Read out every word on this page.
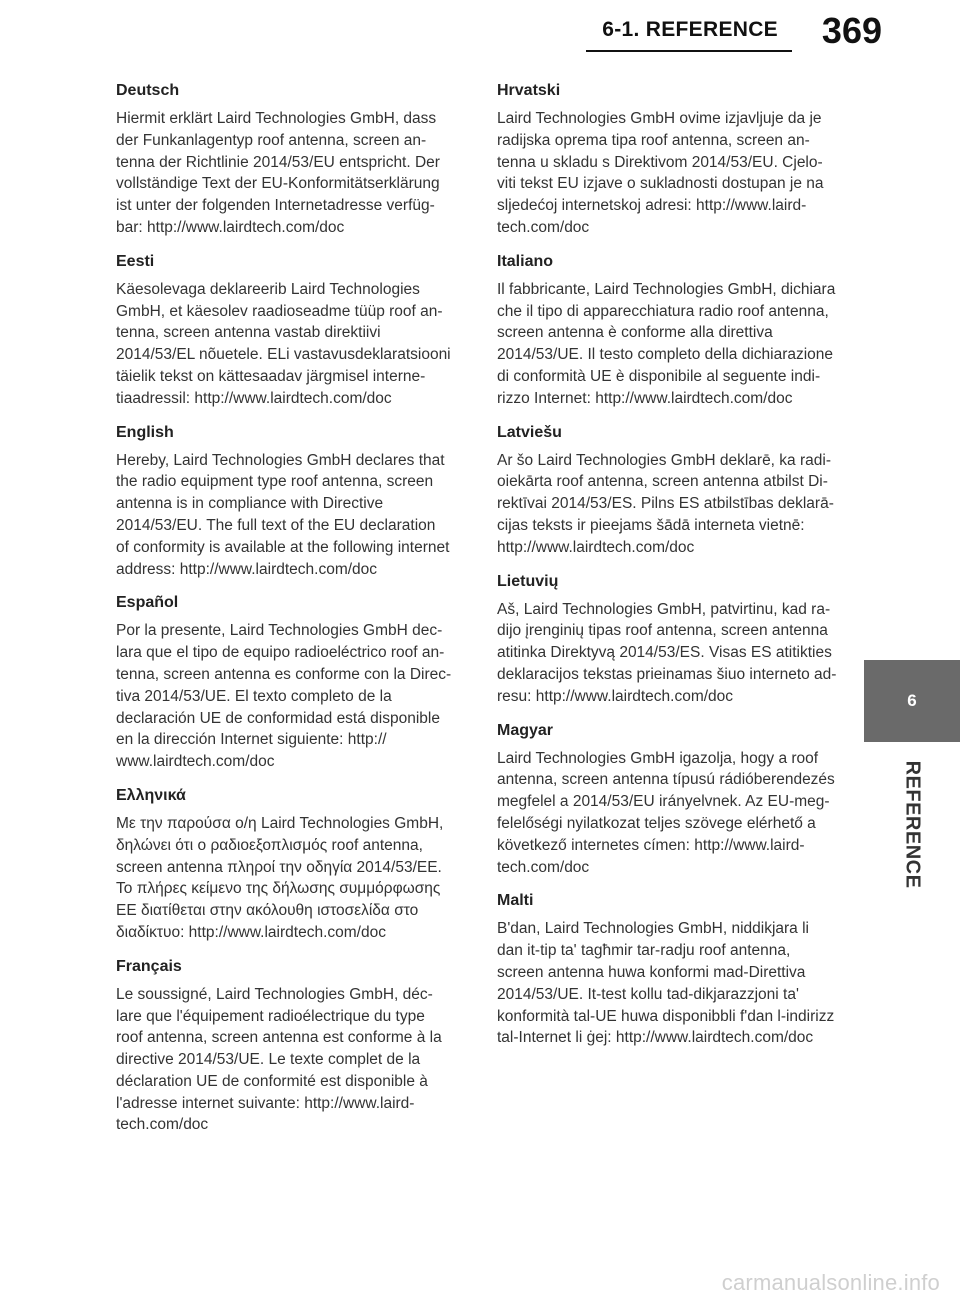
6-1. REFERENCE 369
Deutsch

Hiermit erklärt Laird Technologies GmbH, dass
der Funkanlagentyp roof antenna, screen an-
tenna der Richtlinie 2014/53/EU entspricht. Der
vollständige Text der EU-Konformitätserklärung
ist unter der folgenden Internetadresse verfüg-
bar: http://www.lairdtech.com/doc

Eesti

Käesolevaga deklareerib Laird Technologies
GmbH, et käesolev raadioseadme tüüp roof an-
tenna, screen antenna vastab direktiivi
2014/53/EL nõuetele. ELi vastavusdeklaratsiooni
täielik tekst on kättesaadav järgmisel interne-
tiaadressil: http://www.lairdtech.com/doc

English

Hereby, Laird Technologies GmbH declares that
the radio equipment type roof antenna, screen
antenna is in compliance with Directive
2014/53/EU. The full text of the EU declaration
of conformity is available at the following internet
address: http://www.lairdtech.com/doc

Español

Por la presente, Laird Technologies GmbH dec-
lara que el tipo de equipo radioeléctrico roof an-
tenna, screen antenna es conforme con la Direc-
tiva 2014/53/UE. El texto completo de la
declaración UE de conformidad está disponible
en la dirección Internet siguiente: http://
www.lairdtech.com/doc

Ελληνικά

Με την παρούσα ο/η Laird Technologies GmbH,
δηλώνει ότι ο ραδιοεξοπλισμός roof antenna,
screen antenna πληροί την οδηγία 2014/53/ΕΕ.
Το πλήρες κείμενο της δήλωσης συμμόρφωσης
ΕΕ διατίθεται στην ακόλουθη ιστοσελίδα στο
διαδίκτυο: http://www.lairdtech.com/doc

Français

Le soussigné, Laird Technologies GmbH, déc-
lare que l'équipement radioélectrique du type
roof antenna, screen antenna est conforme à la
directive 2014/53/UE. Le texte complet de la
déclaration UE de conformité est disponible à
l'adresse internet suivante: http://www.laird-
tech.com/doc

Hrvatski

Laird Technologies GmbH ovime izjavljuje da je
radijska oprema tipa roof antenna, screen an-
tenna u skladu s Direktivom 2014/53/EU. Cjelo-
viti tekst EU izjave o sukladnosti dostupan je na
sljedećoj internetskoj adresi: http://www.laird-
tech.com/doc

Italiano

Il fabbricante, Laird Technologies GmbH, dichiara
che il tipo di apparecchiatura radio roof antenna,
screen antenna è conforme alla direttiva
2014/53/UE. Il testo completo della dichiarazione
di conformità UE è disponibile al seguente indi-
rizzo Internet: http://www.lairdtech.com/doc

Latviešu

Ar šo Laird Technologies GmbH deklarē, ka radi-
oiekārta roof antenna, screen antenna atbilst Di-
rektīvai 2014/53/ES. Pilns ES atbilstības deklarā-
cijas teksts ir pieejams šādā interneta vietnē:
http://www.lairdtech.com/doc

Lietuvių

Aš, Laird Technologies GmbH, patvirtinu, kad ra-
dijo įrenginių tipas roof antenna, screen antenna
atitinka Direktyvą 2014/53/ES. Visas ES atitikties
deklaracijos tekstas prieinamas šiuo interneto ad-
resu: http://www.lairdtech.com/doc

Magyar

Laird Technologies GmbH igazolja, hogy a roof
antenna, screen antenna típusú rádióberendezés
megfelel a 2014/53/EU irányelvnek. Az EU-meg-
felelőségi nyilatkozat teljes szövege elérhető a
következő internetes címen: http://www.laird-
tech.com/doc

Malti

B'dan, Laird Technologies GmbH, niddikjara li
dan it-tip ta' tagħmir tar-radju roof antenna,
screen antenna huwa konformi mad-Direttiva
2014/53/UE. It-test kollu tad-dikjarazzjoni ta'
konformità tal-UE huwa disponibbli f'dan l-indirizz
tal-Internet li ġej: http://www.lairdtech.com/doc

6
REFERENCE
carmanualsonline.info
